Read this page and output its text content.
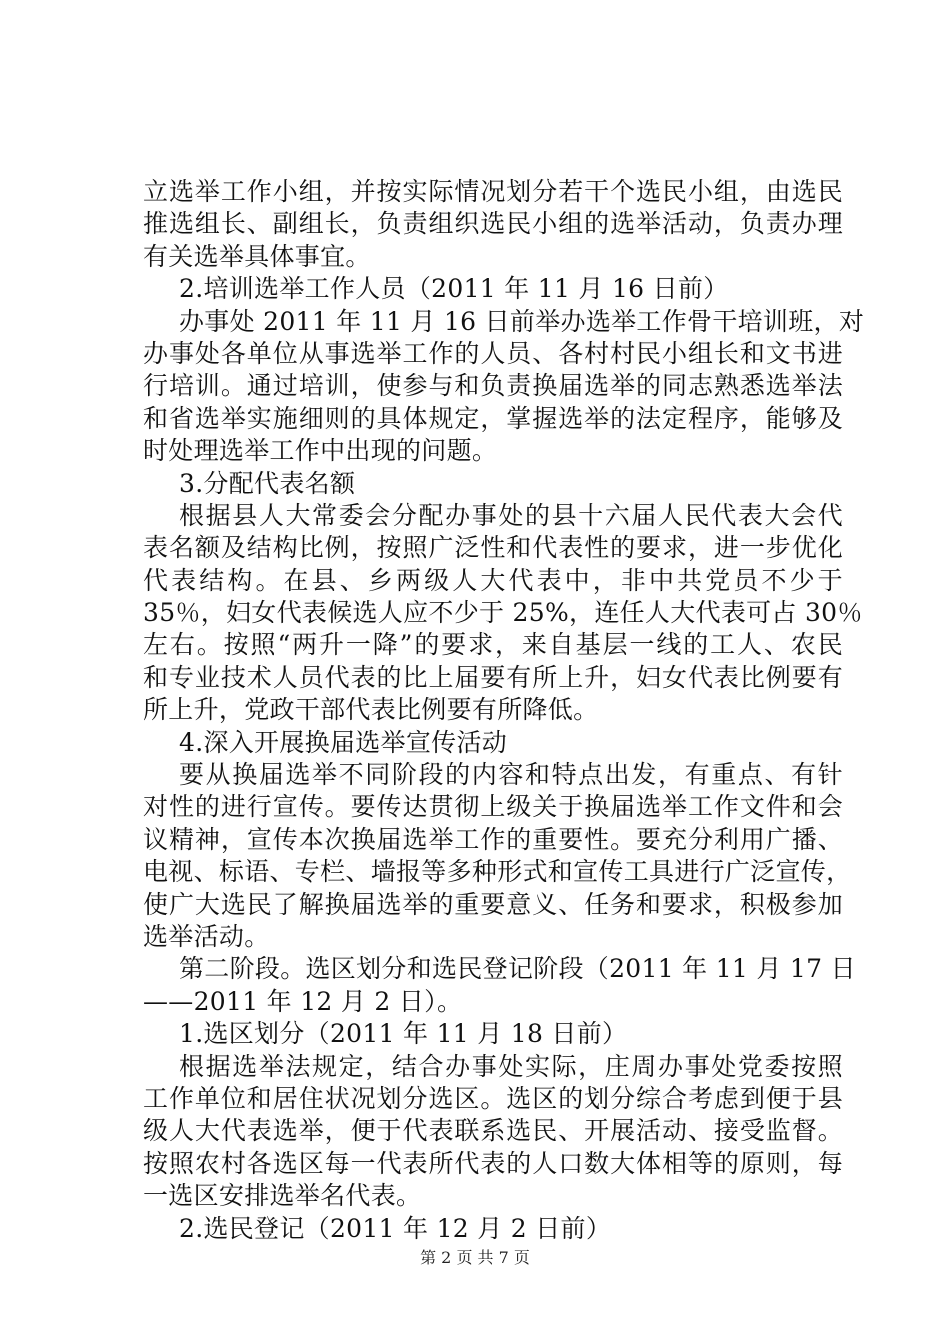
立选举工作小组，并按实际情况划分若干个选民小组，由选民
推选组长、副组长，负责组织选民小组的选举活动，负责办理
有关选举具体事宜。
2.培训选举工作人员（2011 年 11 月 16 日前）
办事处 2011 年 11 月 16 日前举办选举工作骨干培训班，对
办事处各单位从事选举工作的人员、各村村民小组长和文书进
行培训。通过培训，使参与和负责换届选举的同志熟悉选举法
和省选举实施细则的具体规定，掌握选举的法定程序，能够及
时处理选举工作中出现的问题。
3.分配代表名额
根据县人大常委会分配办事处的县十六届人民代表大会代
表名额及结构比例，按照广泛性和代表性的要求，进一步优化
代表结构。在县、乡两级人大代表中，非中共党员不少于
35％，妇女代表候选人应不少于 25%，连任人大代表可占 30％
左右。按照“两升一降”的要求，来自基层一线的工人、农民
和专业技术人员代表的比上届要有所上升，妇女代表比例要有
所上升，党政干部代表比例要有所降低。
4.深入开展换届选举宣传活动
要从换届选举不同阶段的内容和特点出发，有重点、有针
对性的进行宣传。要传达贯彻上级关于换届选举工作文件和会
议精神，宣传本次换届选举工作的重要性。要充分利用广播、
电视、标语、专栏、墙报等多种形式和宣传工具进行广泛宣传，
使广大选民了解换届选举的重要意义、任务和要求，积极参加
选举活动。
第二阶段。选区划分和选民登记阶段（2011 年 11 月 17 日
——2011 年 12 月 2 日）。
1.选区划分（2011 年 11 月 18 日前）
根据选举法规定，结合办事处实际，庄周办事处党委按照
工作单位和居住状况划分选区。选区的划分综合考虑到便于县
级人大代表选举，便于代表联系选民、开展活动、接受监督。
按照农村各选区每一代表所代表的人口数大体相等的原则，每
一选区安排选举名代表。
2.选民登记（2011 年 12 月 2 日前）
第 2 页 共 7 页
